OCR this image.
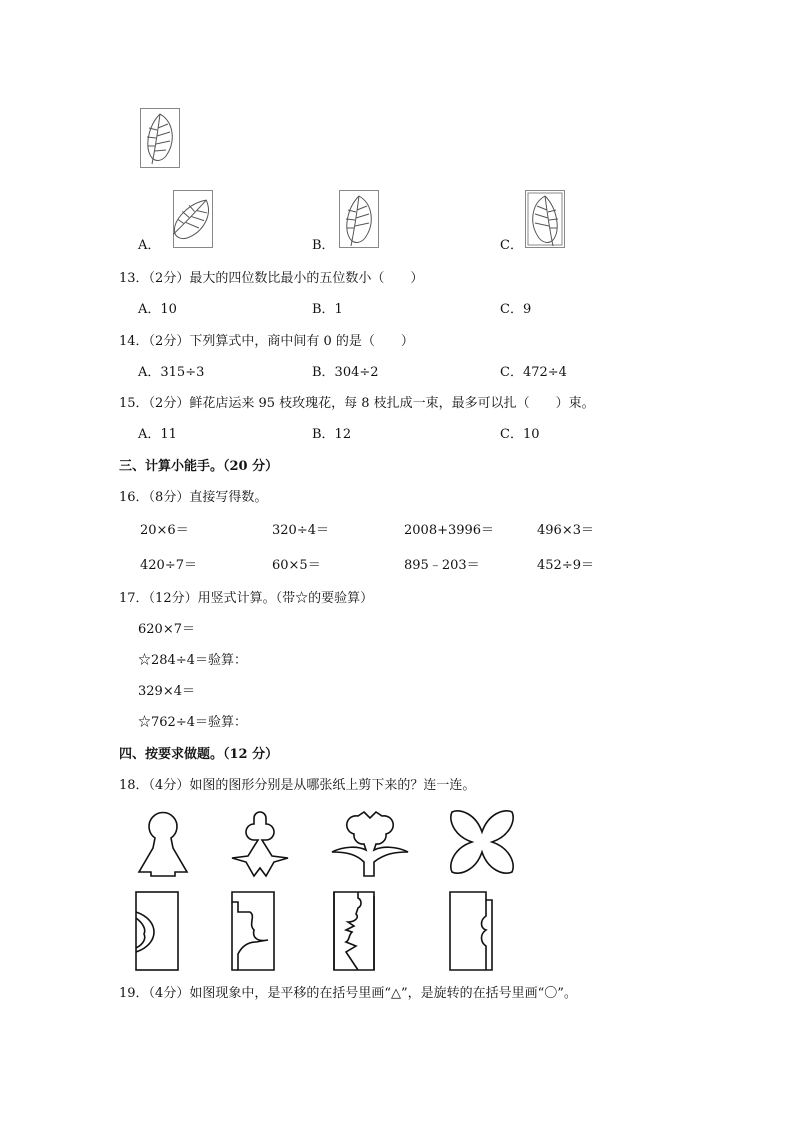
A．	B．	C．
13．（2分）最大的四位数比最小的五位数小（　　）
A．10	B．1	C．9
14．（2分）下列算式中，商中间有 0 的是（　　）
A．315÷3	B．304÷2	C．472÷4
15．（2分）鲜花店运来 95 枝玫瑰花，每 8 枝扎成一束，最多可以扎（　　）束。
A．11	B．12	C．10
三、计算小能手。（20 分）
16．（8分）直接写得数。
20×6＝	320÷4＝	2008+3996＝	496×3＝
420÷7＝	60×5＝	895﹣203＝	452÷9＝
17．（12分）用竖式计算。（带☆的要验算）
620×7＝
☆284÷4＝验算：
329×4＝
☆762÷4＝验算：
四、按要求做题。（12 分）
18．（4分）如图的图形分别是从哪张纸上剪下来的？连一连。
19．（4分）如图现象中，是平移的在括号里画“△”，是旋转的在括号里画“〇”。
